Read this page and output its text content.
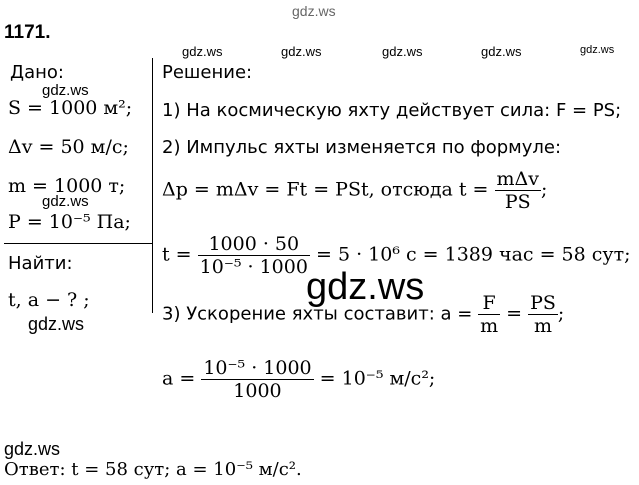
gdz.ws
gdz.ws	gdz.ws	gdz.ws	gdz.ws	gdz.ws
1171.
Дано:
gdz.ws
S = 1000 м²;
Δv = 50 м/с;
m = 1000 т;
gdz.ws
P = 10⁻⁵ Па;
Найти:
t, a − ? ;
gdz.ws
Решение:
1) На космическую яхту действует сила: F = PS;
2) Импульс яхты изменяется по формуле:
Δp = mΔv = Ft = PSt, отсюда $t = \frac{\text{mΔv}}{PS}$ ;
$t = \frac{1000 \cdot 50}{\text{10⁻⁵ · 1000}} = 5 \cdot 10^6$ с = 1389 час = 58 сут;
gdz.ws
3) Ускорение яхты составит: $a = \frac{F}{m} = \frac{PS}{m}$ ;
$a = \frac{\text{10⁻⁵ · 1000}}{1000} = 10^{-5}$ м/с²;
gdz.ws
Ответ: t = 58 сут; a = 10⁻⁵ м/с².
